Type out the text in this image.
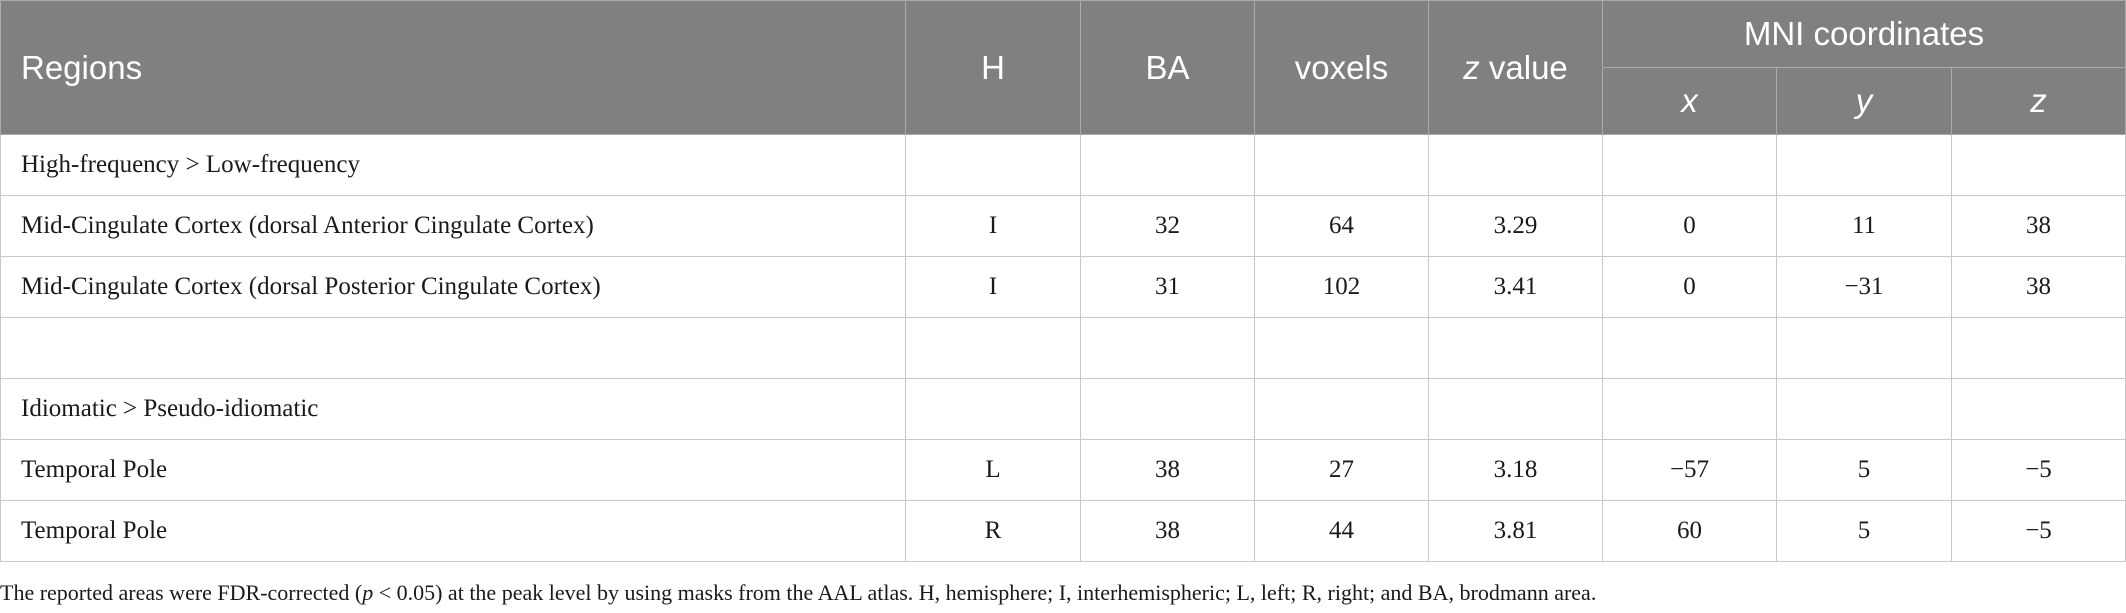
Regions	H	BA	voxels	z value	MNI coordinates		
					x	y	z
High-frequency > Low-frequency							
Mid-Cingulate Cortex (dorsal Anterior Cingulate Cortex)	I	32	64	3.29	0	11	38
Mid-Cingulate Cortex (dorsal Posterior Cingulate Cortex)	I	31	102	3.41	0	−31	38

Idiomatic > Pseudo-idiomatic							
Temporal Pole	L	38	27	3.18	−57	5	−5
Temporal Pole	R	38	44	3.81	60	5	−5
The reported areas were FDR-corrected (p < 0.05) at the peak level by using masks from the AAL atlas. H, hemisphere; I, interhemispheric; L, left; R, right; and BA, brodmann area.
